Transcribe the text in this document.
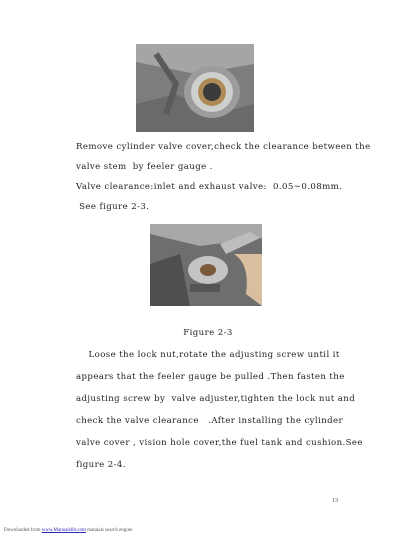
Remove cylinder valve cover,check the clearance between the
valve stem  by feeler gauge .
Valve clearance:inlet and exhaust valve:  0.05∼0.08mm.
See figure 2-3.
Figure 2-3
Loose the lock nut,rotate the adjusting screw until it
appears that the feeler gauge be pulled .Then fasten the
adjusting screw by  valve adjuster,tighten the lock nut and
check the valve clearance   .After installing the cylinder
valve cover , vision hole cover,the fuel tank and cushion.See
figure 2-4.
13
Downloaded from www.Manualslib.com manuals search engine
